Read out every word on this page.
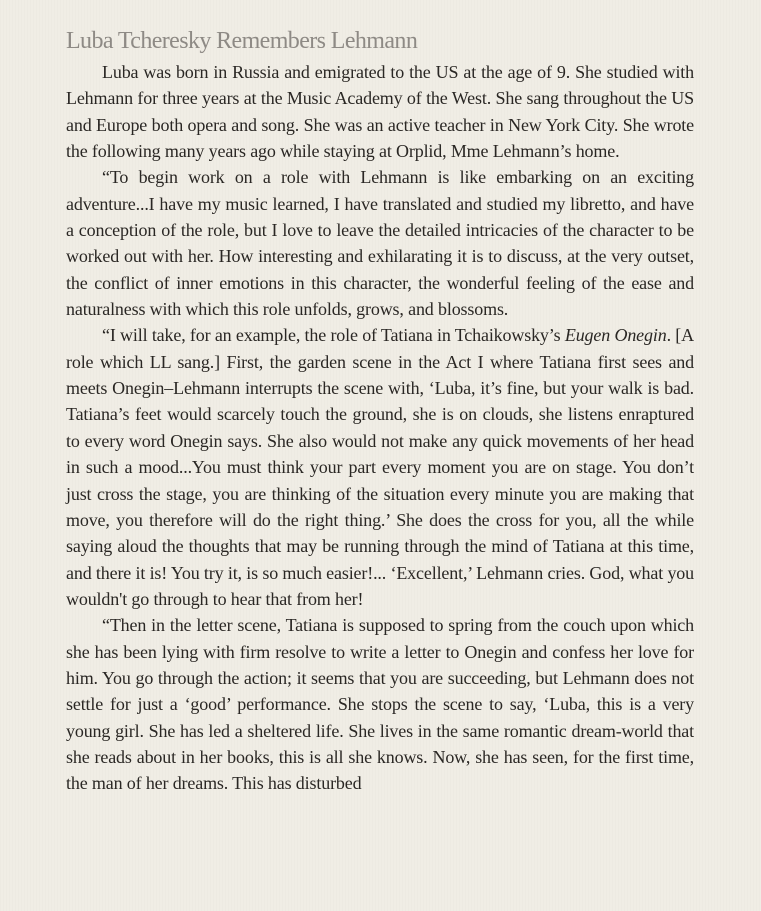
Luba Tcheresky Remembers Lehmann

Luba was born in Russia and emigrated to the US at the age of 9. She studied with Lehmann for three years at the Music Academy of the West. She sang throughout the US and Europe both opera and song. She was an active teacher in New York City. She wrote the following many years ago while staying at Orplid, Mme Lehmann’s home.

“To begin work on a role with Lehmann is like embarking on an exciting adventure...I have my music learned, I have translated and studied my libretto, and have a conception of the role, but I love to leave the detailed intricacies of the character to be worked out with her. How interesting and exhilarating it is to discuss, at the very outset, the conflict of inner emotions in this character, the wonderful feeling of the ease and naturalness with which this role unfolds, grows, and blossoms.

“I will take, for an example, the role of Tatiana in Tchaikowsky’s Eugen Onegin. [A role which LL sang.] First, the garden scene in the Act I where Tatiana first sees and meets Onegin–Lehmann interrupts the scene with, ‘Luba, it’s fine, but your walk is bad. Tatiana’s feet would scarcely touch the ground, she is on clouds, she listens enraptured to every word Onegin says. She also would not make any quick movements of her head in such a mood...You must think your part every moment you are on stage. You don’t just cross the stage, you are thinking of the situation every minute you are making that move, you therefore will do the right thing.’ She does the cross for you, all the while saying aloud the thoughts that may be running through the mind of Tatiana at this time, and there it is! You try it, is so much easier!... ‘Excellent,’ Lehmann cries. God, what you wouldn't go through to hear that from her!

“Then in the letter scene, Tatiana is supposed to spring from the couch upon which she has been lying with firm resolve to write a letter to Onegin and confess her love for him. You go through the action; it seems that you are succeeding, but Lehmann does not settle for just a ‘good’ performance. She stops the scene to say, ‘Luba, this is a very young girl. She has led a sheltered life. She lives in the same romantic dream-world that she reads about in her books, this is all she knows. Now, she has seen, for the first time, the man of her dreams. This has disturbed
